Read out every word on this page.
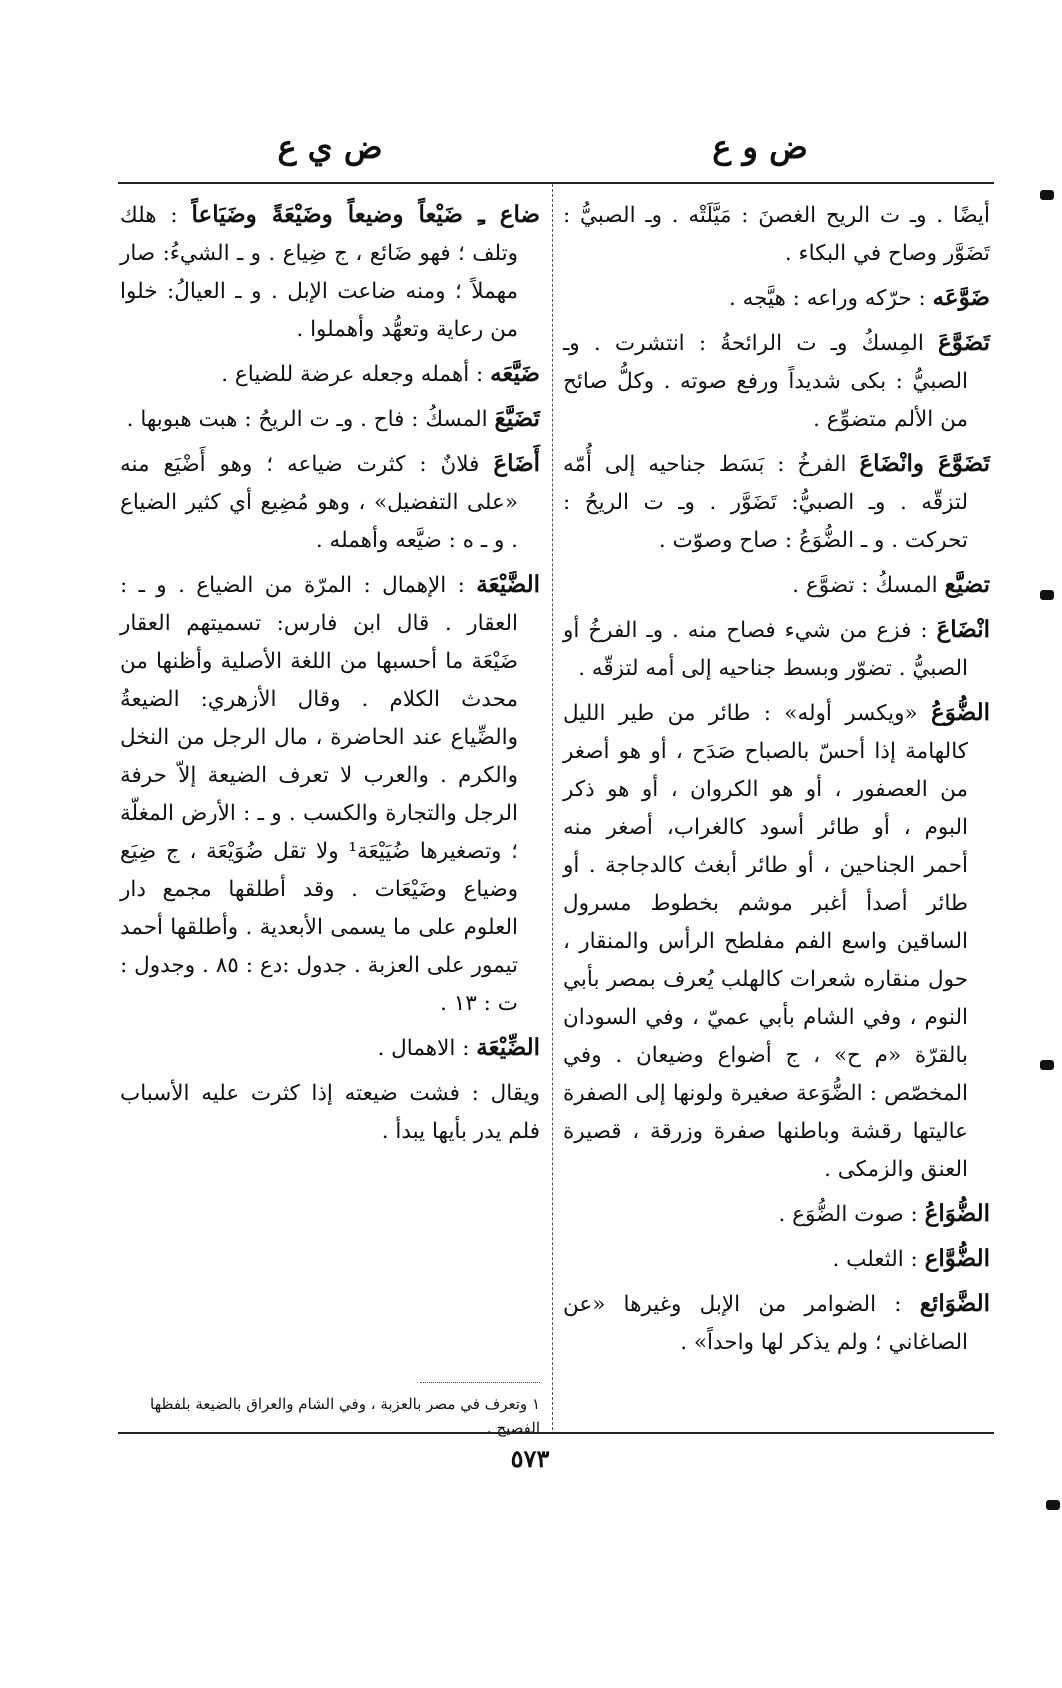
ض و ع
ض ي ع

أيضًا . وـ ت الريح الغصنَ : مَيَّلَتْه . وـ الصبيُّ : تَضَوَّر وصاح في البكاء .

ضَوَّعَه : حرّكه وراعه : هيَّجه .

تَضَوَّعَ المِسكُ وـ ت الرائحةُ : انتشرت . وـ الصبيُّ : بكى شديداً ورفع صوته . وكلُّ صائح من الألم متضوِّع .

تَضَوَّعَ وانْضَاعَ الفرخُ : بَسَط جناحيه إلى أُمّه لتزقّه . وـ الصبيُّ: تَضَوَّر . وـ ت الريحُ : تحركت . و ـ الضُّوَعُ : صاح وصوّت .

تضيَّع المسكُ : تضوَّع .

انْضَاعَ : فزع من شيء فصاح منه . وـ الفرخُ أو الصبيُّ . تضوّر وبسط جناحيه إلى أمه لتزقّه .

الضُّوَعُ «ويكسر أوله» : طائر من طير الليل كالهامة إذا أحسّ بالصباح صَدَح ، أو هو أصغر من العصفور ، أو هو الكروان ، أو هو ذكر البوم ، أو طائر أسود كالغراب، أصغر منه أحمر الجناحين ، أو طائر أبغث كالدجاجة . أو طائر أصدأ أغبر موشم بخطوط مسرول الساقين واسع الفم مفلطح الرأس والمنقار ، حول منقاره شعرات كالهلب يُعرف بمصر بأبي النوم ، وفي الشام بأبي عميّ ، وفي السودان بالقرّة «م ح» ، ج أضواع وضيعان . وفي المخصّص : الضُّوَعة صغيرة ولونها إلى الصفرة عاليتها رقشة وباطنها صفرة وزرقة ، قصيرة العنق والزمكى .

الضُّوَاعُ : صوت الضُّوَع .

الضُّوَّاع : الثعلب .

الضَّوَائع : الضوامر من الإبل وغيرها «عن الصاغاني ؛ ولم يذكر لها واحداً» .

ضاع ـِ ضَيْعاً وضيعاً وضَيْعَةً وضَيَاعاً : هلك وتلف ؛ فهو ضَائع ، ج ضِياع . و ـ الشيءُ: صار مهملاً ؛ ومنه ضاعت الإبل . و ـ العيالُ: خلوا من رعاية وتعهُّد وأهملوا .

ضَيَّعَه : أهمله وجعله عرضة للضياع .

تَضَيَّعَ المسكُ : فاح . وـ ت الريحُ : هبت هبوبها .

أَضَاعَ فلانٌ : كثرت ضياعه ؛ وهو أَضْيَع منه «على التفضيل» ، وهو مُضِيع أي كثير الضياع . و ـ ه : ضيَّعه وأهمله .

الضَّيْعَة : الإهمال : المرّة من الضياع . و ـ : العقار . قال ابن فارس: تسميتهم العقار ضَيْعَة ما أحسبها من اللغة الأصلية وأظنها من محدث الكلام . وقال الأزهري: الضيعةُ والضِّياع عند الحاضرة ، مال الرجل من النخل والكرم . والعرب لا تعرف الضيعة إلاّ حرفة الرجل والتجارة والكسب . و ـ : الأرض المغلّة ؛ وتصغيرها ضُيَيْعَة¹ ولا تقل ضُوَيْعَة ، ج ضِيَع وضياع وضَيْعَات . وقد أطلقها مجمع دار العلوم على ما يسمى الأبعدية . وأطلقها أحمد تيمور على العزبة . جدول :دع : ٨٥ . وجدول : ت : ١٣ .

الضِّيْعَة : الاهمال .

ويقال : فشت ضيعته إذا كثرت عليه الأسباب فلم يدر بأيها يبدأ .

١ وتعرف في مصر بالعزبة ، وفي الشام والعراق بالضيعة بلفظها الفصيح .
٥٧٣
